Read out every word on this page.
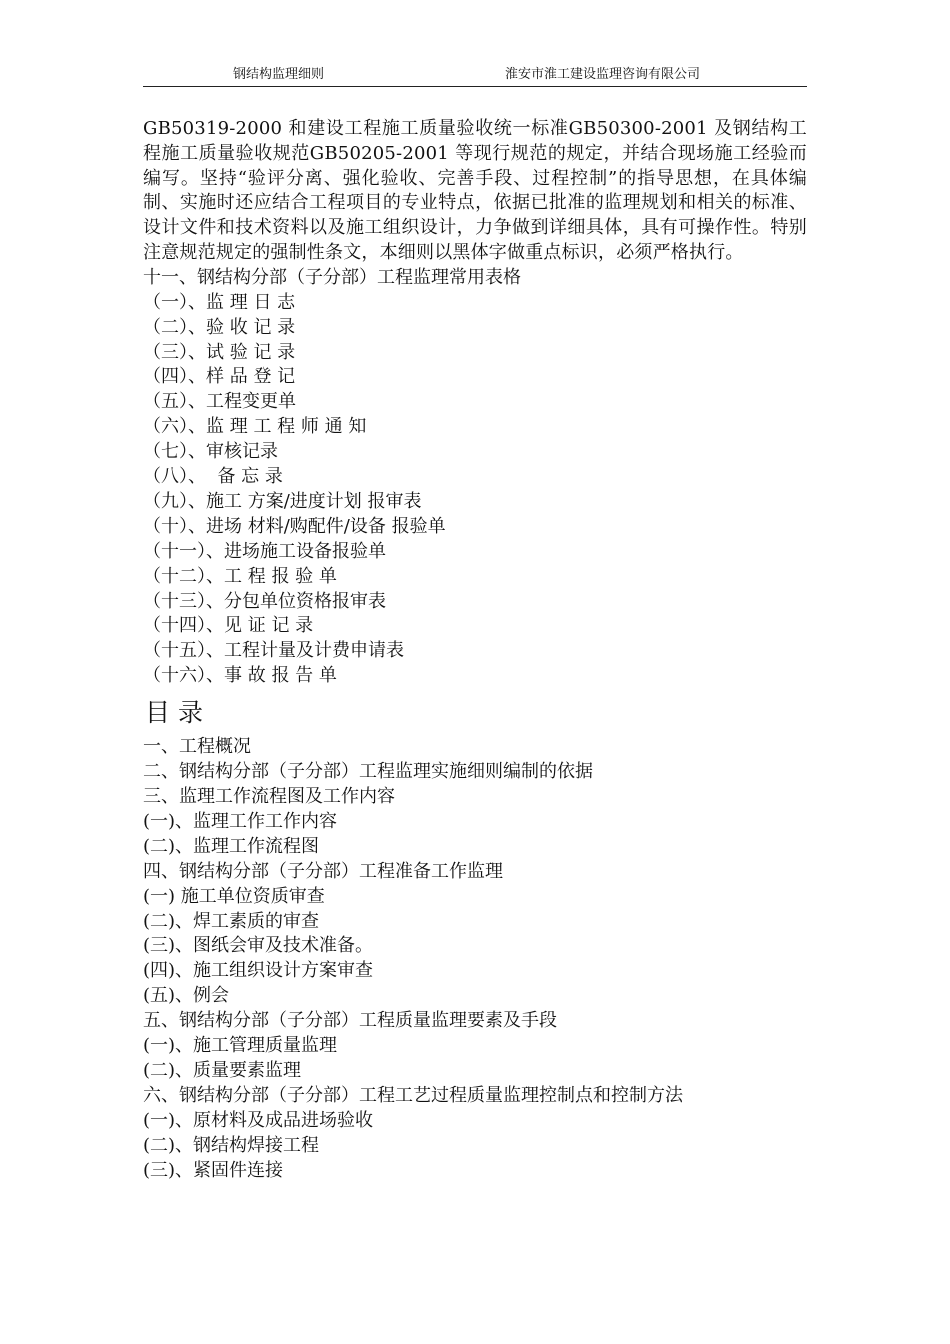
钢结构监理细则	淮安市淮工建设监理咨询有限公司

GB50319-2000 和建设工程施工质量验收统一标准GB50300-2001 及钢结构工程施工质量验收规范GB50205-2001 等现行规范的规定，并结合现场施工经验而编写。坚持“验评分离、强化验收、完善手段、过程控制”的指导思想，在具体编制、实施时还应结合工程项目的专业特点，依据已批准的监理规划和相关的标准、设计文件和技术资料以及施工组织设计，力争做到详细具体，具有可操作性。特别注意规范规定的强制性条文，本细则以黑体字做重点标识，必须严格执行。

十一、钢结构分部（子分部）工程监理常用表格

（一）、监 理 日 志

（二）、验 收 记 录

（三）、试 验 记 录

（四）、样 品 登 记

（五）、工程变更单

（六）、监 理 工 程 师 通 知

（七）、审核记录

（八）、  备 忘 录

（九）、施工 方案/进度计划 报审表

（十）、进场 材料/购配件/设备 报验单

（十一）、进场施工设备报验单

（十二）、工 程 报 验 单

（十三）、分包单位资格报审表

（十四）、见 证 记 录

（十五）、工程计量及计费申请表

（十六）、事 故 报 告 单

目录

一、工程概况

二、钢结构分部（子分部）工程监理实施细则编制的依据

三、监理工作流程图及工作内容

(一)、监理工作工作内容

(二)、监理工作流程图

四、钢结构分部（子分部）工程准备工作监理

(一) 施工单位资质审查

(二)、焊工素质的审查

(三)、图纸会审及技术准备。

(四)、施工组织设计方案审查

(五)、例会

五、钢结构分部（子分部）工程质量监理要素及手段

(一)、施工管理质量监理

(二)、质量要素监理

六、钢结构分部（子分部）工程工艺过程质量监理控制点和控制方法

(一)、原材料及成品进场验收

(二)、钢结构焊接工程

(三)、紧固件连接
